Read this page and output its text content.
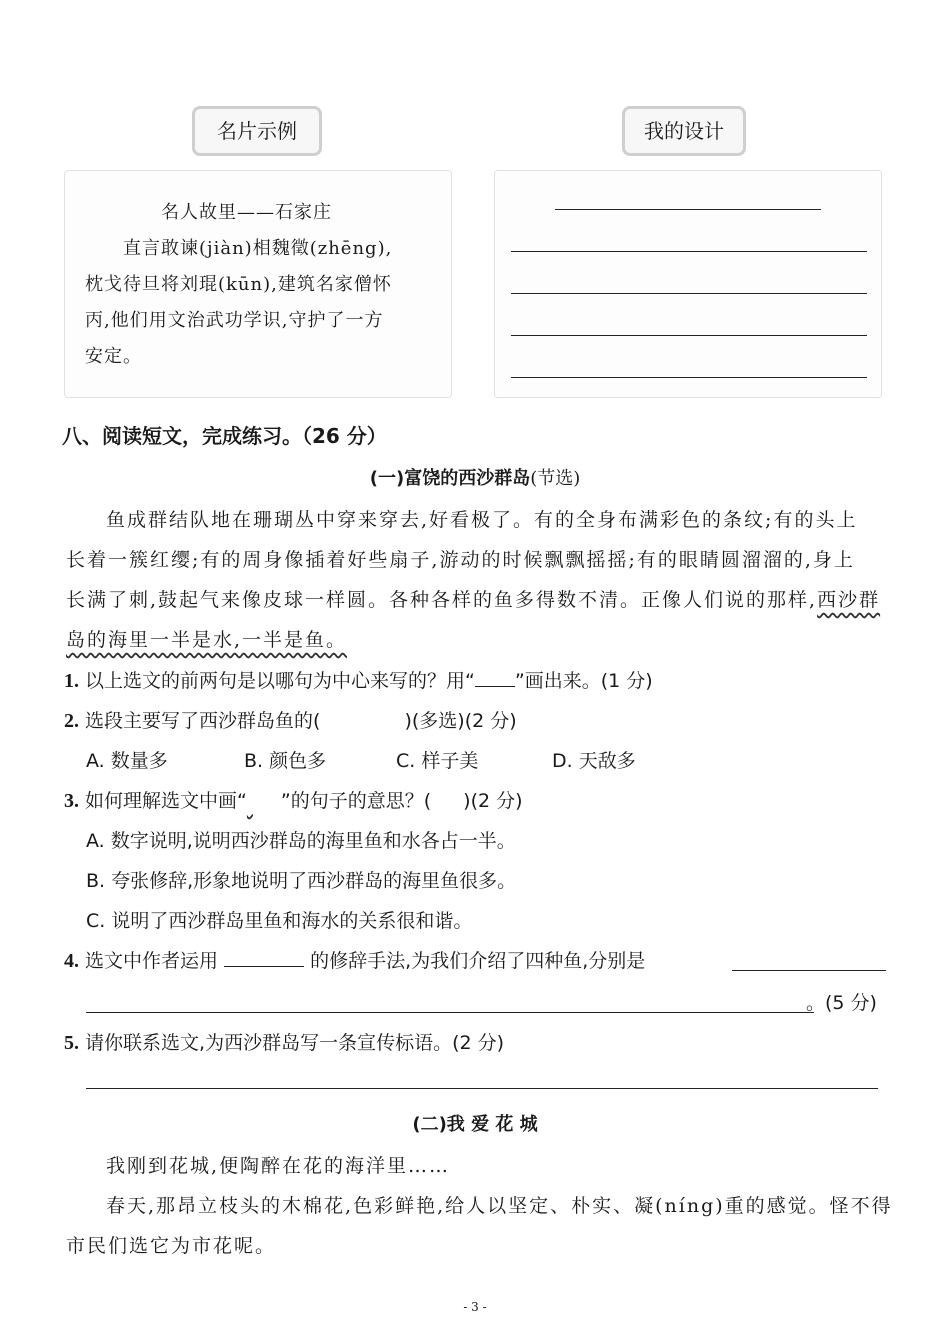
名片示例	我的设计
名人故里——石家庄
直言敢谏(jiàn)相魏徵(zhēng),
枕戈待旦将刘琨(kūn),建筑名家僧怀
丙,他们用文治武功学识,守护了一方
安定。
八、阅读短文，完成练习。（26 分）
(一)富饶的西沙群岛(节选)
鱼成群结队地在珊瑚丛中穿来穿去,好看极了。有的全身布满彩色的条纹;有的头上
长着一簇红缨;有的周身像插着好些扇子,游动的时候飘飘摇摇;有的眼睛圆溜溜的,身上
长满了刺,鼓起气来像皮球一样圆。各种各样的鱼多得数不清。正像人们说的那样,西沙群
岛的海里一半是水,一半是鱼。
1. 以上选文的前两句是以哪句为中心来写的？用“ ”画出来。(1 分)
2. 选段主要写了西沙群岛鱼的(	)(多选)(2 分)
A. 数量多	B. 颜色多	C. 样子美	D. 天敌多
3. 如何理解选文中画“ ”的句子的意思？( )(2 分)
A. 数字说明,说明西沙群岛的海里鱼和水各占一半。
B. 夸张修辞,形象地说明了西沙群岛的海里鱼很多。
C. 说明了西沙群岛里鱼和海水的关系很和谐。
4. 选文中作者运用	的修辞手法,为我们介绍了四种鱼,分别是
。(5 分)
5. 请你联系选文,为西沙群岛写一条宣传标语。(2 分)
(二)我 爱 花 城
我刚到花城,便陶醉在花的海洋里……
春天,那昂立枝头的木棉花,色彩鲜艳,给人以坚定、朴实、凝(níng)重的感觉。怪不得
市民们选它为市花呢。
- 3 -
